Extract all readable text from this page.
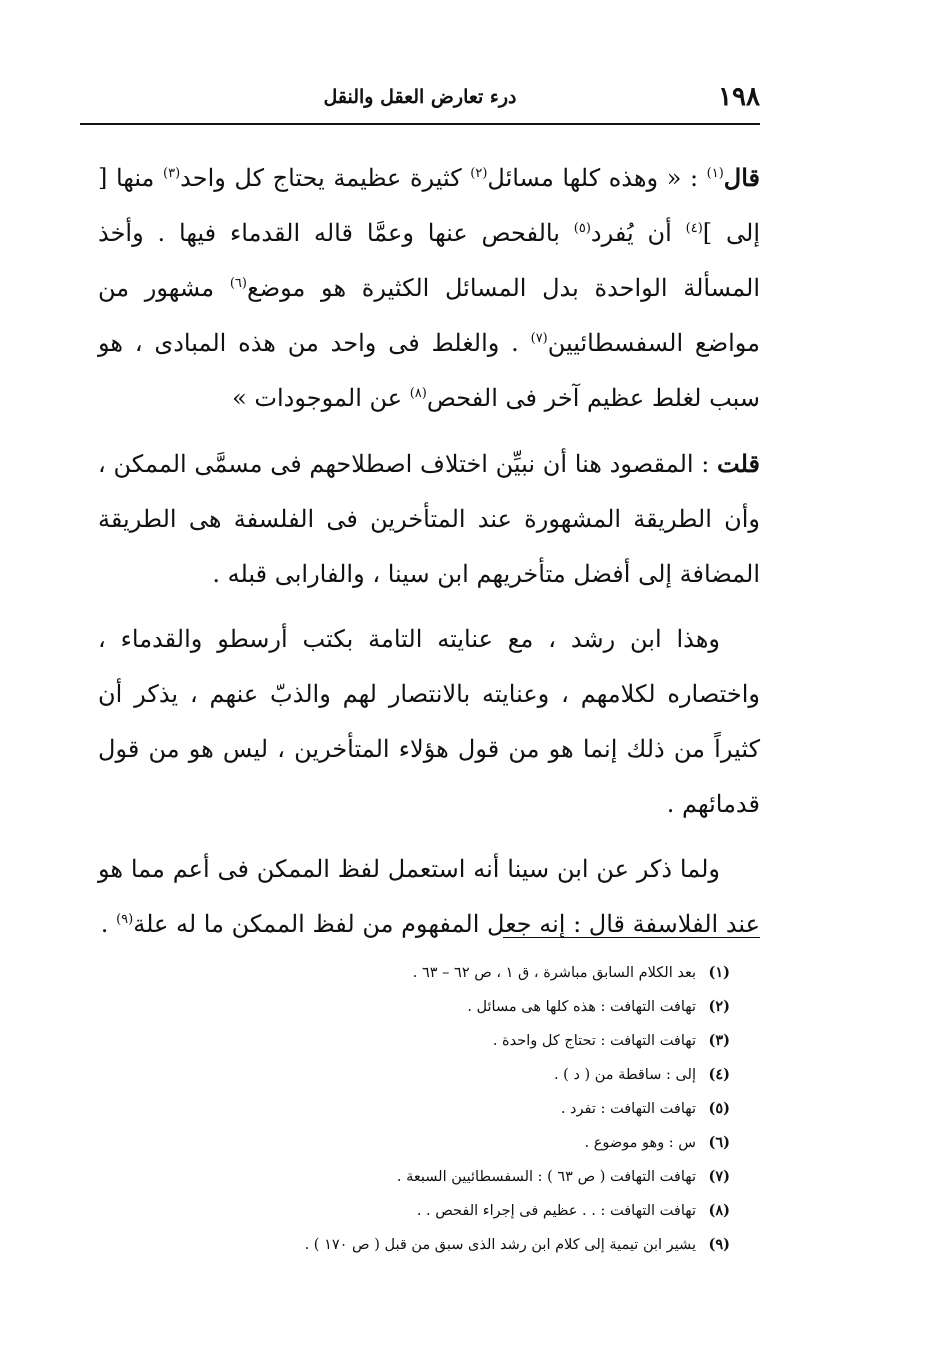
١٩٨
درء تعارض العقل والنقل

قال$^{(١)}$ : « وهذه كلها مسائل$^{(٢)}$ كثيرة عظيمة يحتاج كل واحد$^{(٣)}$ منها [ إلى ]$^{(٤)}$ أن يُفرد$^{(٥)}$ بالفحص عنها وعمَّا قاله القدماء فيها . وأخذ المسألة الواحدة بدل المسائل الكثيرة هو موضع$^{(٦)}$ مشهور من مواضع السفسطائيين$^{(٧)}$ . والغلط فى واحد من هذه المبادى ، هو سبب لغلط عظيم آخر فى الفحص$^{(٨)}$ عن الموجودات »

قلت : المقصود هنا أن نبيِّن اختلاف اصطلاحهم فى مسمَّى الممكن ، وأن الطريقة المشهورة عند المتأخرين فى الفلسفة هى الطريقة المضافة إلى أفضل متأخريهم ابن سينا ، والفارابى قبله .

وهذا ابن رشد ، مع عنايته التامة بكتب أرسطو والقدماء ، واختصاره لكلامهم ، وعنايته بالانتصار لهم والذبّ عنهم ، يذكر أن كثيراً من ذلك إنما هو من قول هؤلاء المتأخرين ، ليس هو من قول قدمائهم .

ولما ذكر عن ابن سينا أنه استعمل لفظ الممكن فى أعم مما هو عند الفلاسفة قال : إنه جعل المفهوم من لفظ الممكن ما له علة$^{(٩)}$ .

(١)بعد الكلام السابق مباشرة ، ق ١ ، ص ٦٢ – ٦٣ .
(٢)تهافت التهافت : هذه كلها هى مسائل .
(٣)تهافت التهافت : تحتاج كل واحدة .
(٤)إلى : ساقطة من ( د ) .
(٥)تهافت التهافت : تفرد .
(٦)س : وهو موضوع .
(٧)تهافت التهافت ( ص ٦٣ ) : السفسطائيين السبعة .
(٨)تهافت التهافت : . . عظيم فى إجراء الفحص . .
(٩)يشير ابن تيمية إلى كلام ابن رشد الذى سبق من قبل ( ص ١٧٠ ) .
